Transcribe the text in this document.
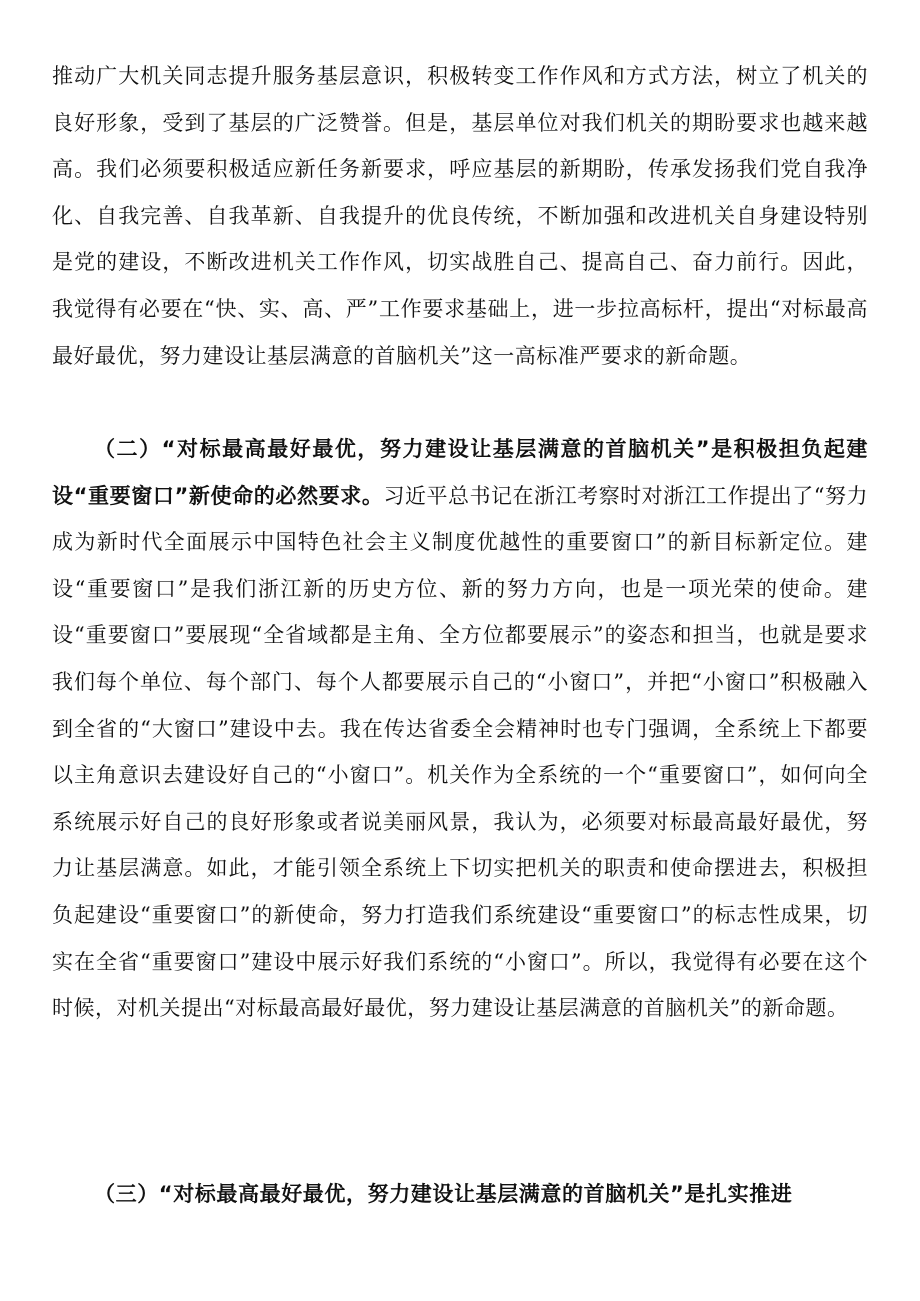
推动广大机关同志提升服务基层意识，积极转变工作作风和方式方法，树立了机关的良好形象，受到了基层的广泛赞誉。但是，基层单位对我们机关的期盼要求也越来越高。我们必须要积极适应新任务新要求，呼应基层的新期盼，传承发扬我们党自我净化、自我完善、自我革新、自我提升的优良传统，不断加强和改进机关自身建设特别是党的建设，不断改进机关工作作风，切实战胜自己、提高自己、奋力前行。因此，我觉得有必要在“快、实、高、严”工作要求基础上，进一步拉高标杆，提出“对标最高最好最优，努力建设让基层满意的首脑机关”这一高标准严要求的新命题。

（二）“对标最高最好最优，努力建设让基层满意的首脑机关”是积极担负起建设“重要窗口”新使命的必然要求。习近平总书记在浙江考察时对浙江工作提出了“努力成为新时代全面展示中国特色社会主义制度优越性的重要窗口”的新目标新定位。建设“重要窗口”是我们浙江新的历史方位、新的努力方向，也是一项光荣的使命。建设“重要窗口”要展现“全省域都是主角、全方位都要展示”的姿态和担当，也就是要求我们每个单位、每个部门、每个人都要展示自己的“小窗口”，并把“小窗口”积极融入到全省的“大窗口”建设中去。我在传达省委全会精神时也专门强调，全系统上下都要以主角意识去建设好自己的“小窗口”。机关作为全系统的一个“重要窗口”，如何向全系统展示好自己的良好形象或者说美丽风景，我认为，必须要对标最高最好最优，努力让基层满意。如此，才能引领全系统上下切实把机关的职责和使命摆进去，积极担负起建设“重要窗口”的新使命，努力打造我们系统建设“重要窗口”的标志性成果，切实在全省“重要窗口”建设中展示好我们系统的“小窗口”。所以，我觉得有必要在这个时候，对机关提出“对标最高最好最优，努力建设让基层满意的首脑机关”的新命题。

（三）“对标最高最好最优，努力建设让基层满意的首脑机关”是扎实推进
